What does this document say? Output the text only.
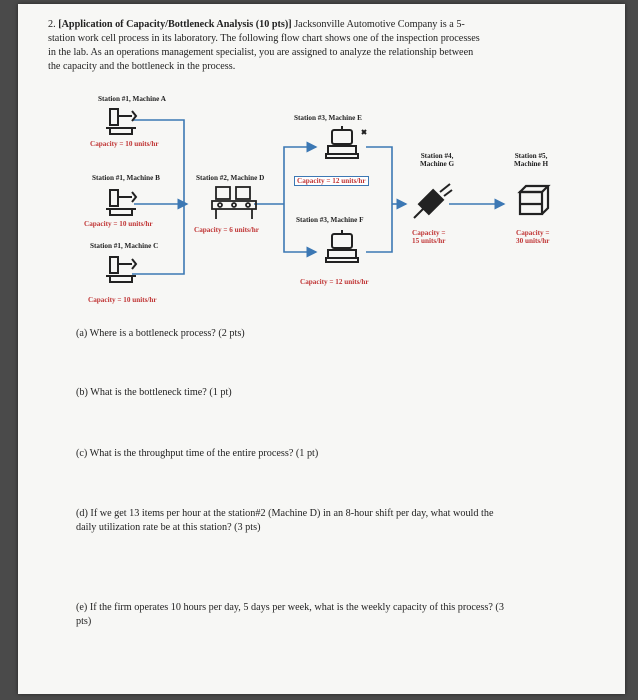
2. [Application of Capacity/Bottleneck Analysis (10 pts)] Jacksonville Automotive Company is a 5-
station work cell process in its laboratory. The following flow chart shows one of the inspection processes
in the lab. As an operations management specialist, you are assigned to analyze the relationship between
the capacity and the bottleneck in the process.
Station #1, Machine A
Capacity = 10 units/hr
Station #1, Machine B
Capacity = 10 units/hr
Station #1, Machine C
Capacity = 10 units/hr
Station #2, Machine D
Capacity = 6 units/hr
Station #3, Machine E
Capacity = 12 units/hr
Station #3, Machine F
Capacity = 12 units/hr
Station #4,
Machine G
Capacity =
15 units/hr
Station #5,
Machine H
Capacity =
30 units/hr
(a) Where is a bottleneck process? (2 pts)
(b) What is the bottleneck time? (1 pt)
(c) What is the throughput time of the entire process? (1 pt)
(d) If we get 13 items per hour at the station#2 (Machine D) in an 8-hour shift per day, what would the
daily utilization rate be at this station? (3 pts)
(e) If the firm operates 10 hours per day, 5 days per week, what is the weekly capacity of this process? (3
pts)
